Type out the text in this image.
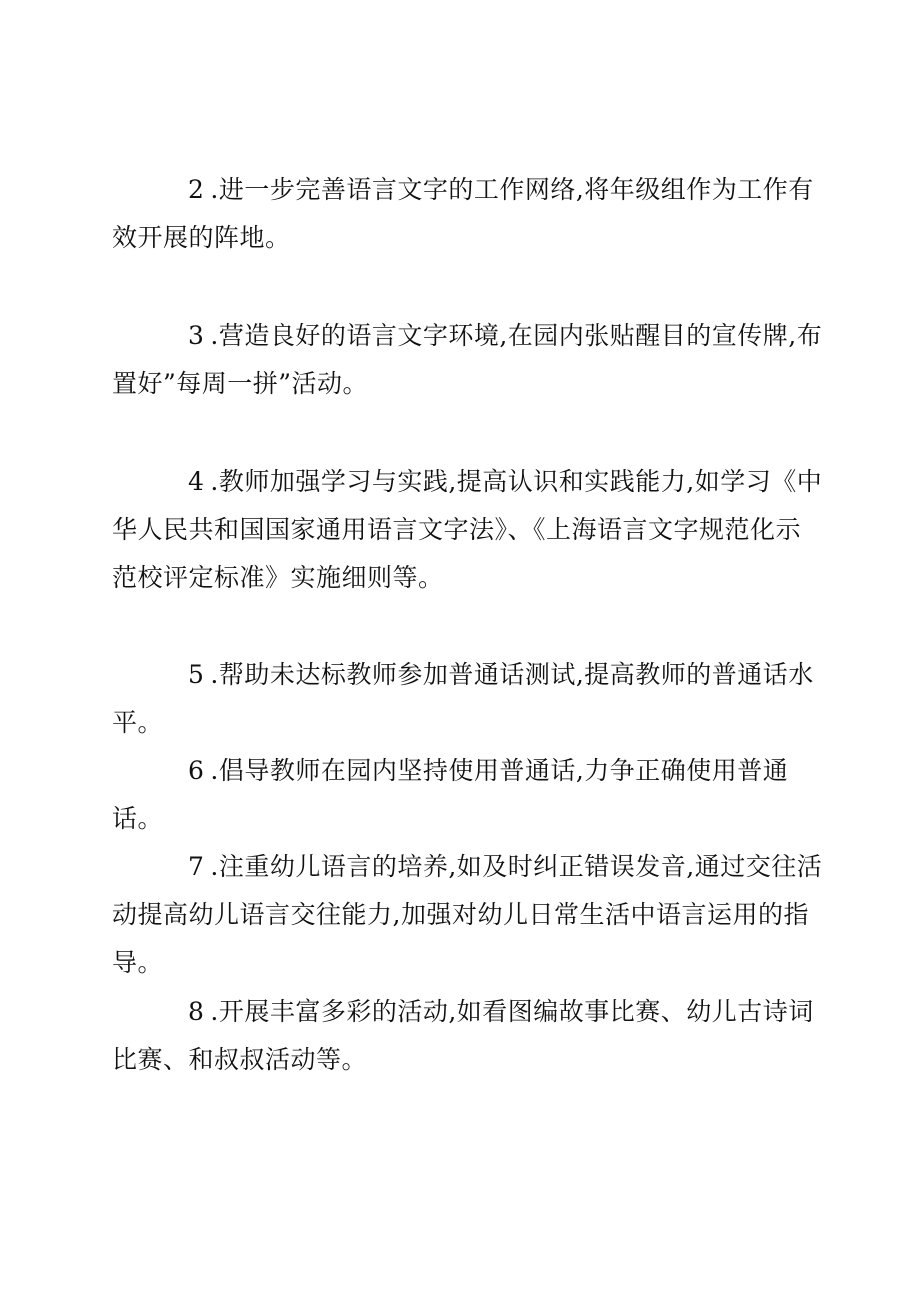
2 .进一步完善语言文字的工作网络,将年级组作为工作有效开展的阵地。

3 .营造良好的语言文字环境,在园内张贴醒目的宣传牌,布置好”每周一拼”活动。

4 .教师加强学习与实践,提高认识和实践能力,如学习《中华人民共和国国家通用语言文字法》、《上海语言文字规范化示范校评定标准》实施细则等。

5 .帮助未达标教师参加普通话测试,提高教师的普通话水平。

6 .倡导教师在园内坚持使用普通话,力争正确使用普通话。

7 .注重幼儿语言的培养,如及时纠正错误发音,通过交往活动提高幼儿语言交往能力,加强对幼儿日常生活中语言运用的指导。

8 .开展丰富多彩的活动,如看图编故事比赛、幼儿古诗词比赛、和叔叔活动等。
